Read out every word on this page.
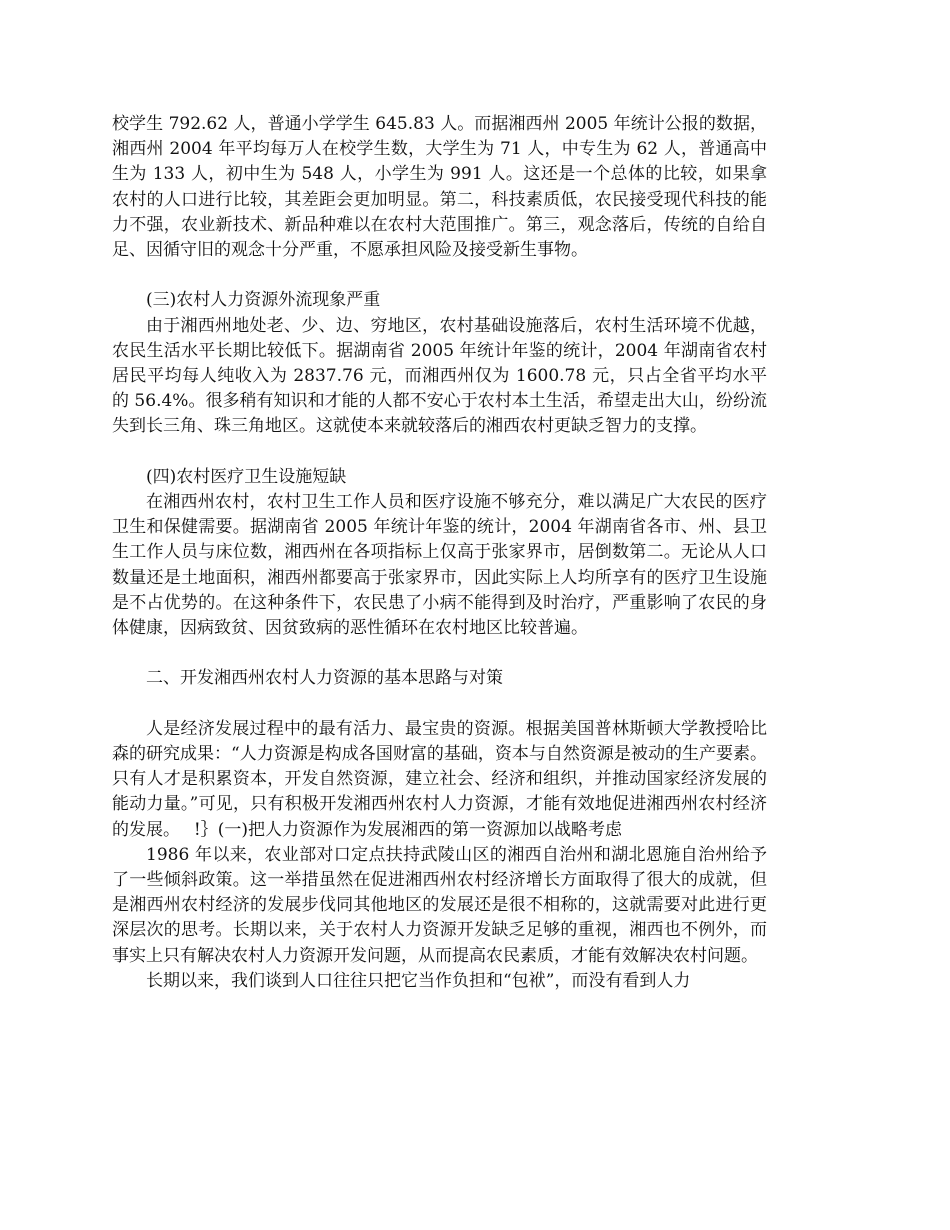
校学生 792.62 人，普通小学学生 645.83 人。而据湘西州 2005 年统计公报的数据，湘西州 2004 年平均每万人在校学生数，大学生为 71 人，中专生为 62 人，普通高中生为 133 人，初中生为 548 人，小学生为 991 人。这还是一个总体的比较，如果拿农村的人口进行比较，其差距会更加明显。第二，科技素质低，农民接受现代科技的能力不强，农业新技术、新品种难以在农村大范围推广。第三，观念落后，传统的自给自足、因循守旧的观念十分严重，不愿承担风险及接受新生事物。

(三)农村人力资源外流现象严重

由于湘西州地处老、少、边、穷地区，农村基础设施落后，农村生活环境不优越，农民生活水平长期比较低下。据湖南省 2005 年统计年鉴的统计，2004 年湖南省农村居民平均每人纯收入为 2837.76 元，而湘西州仅为 1600.78 元，只占全省平均水平的 56.4%。很多稍有知识和才能的人都不安心于农村本土生活，希望走出大山，纷纷流失到长三角、珠三角地区。这就使本来就较落后的湘西农村更缺乏智力的支撑。

(四)农村医疗卫生设施短缺

在湘西州农村，农村卫生工作人员和医疗设施不够充分，难以满足广大农民的医疗卫生和保健需要。据湖南省 2005 年统计年鉴的统计，2004 年湖南省各市、州、县卫生工作人员与床位数，湘西州在各项指标上仅高于张家界市，居倒数第二。无论从人口数量还是土地面积，湘西州都要高于张家界市，因此实际上人均所享有的医疗卫生设施是不占优势的。在这种条件下，农民患了小病不能得到及时治疗，严重影响了农民的身体健康，因病致贫、因贫致病的恶性循环在农村地区比较普遍。

二、开发湘西州农村人力资源的基本思路与对策

人是经济发展过程中的最有活力、最宝贵的资源。根据美国普林斯顿大学教授哈比森的研究成果：“人力资源是构成各国财富的基础，资本与自然资源是被动的生产要素。只有人才是积累资本，开发自然资源，建立社会、经济和组织，并推动国家经济发展的能动力量。”可见，只有积极开发湘西州农村人力资源，才能有效地促进湘西州农村经济的发展。　 !｝(一)把人力资源作为发展湘西的第一资源加以战略考虑

1986 年以来，农业部对口定点扶持武陵山区的湘西自治州和湖北恩施自治州给予了一些倾斜政策。这一举措虽然在促进湘西州农村经济增长方面取得了很大的成就，但是湘西州农村经济的发展步伐同其他地区的发展还是很不相称的，这就需要对此进行更深层次的思考。长期以来，关于农村人力资源开发缺乏足够的重视，湘西也不例外，而事实上只有解决农村人力资源开发问题，从而提高农民素质，才能有效解决农村问题。

长期以来，我们谈到人口往往只把它当作负担和“包袱”，而没有看到人力
